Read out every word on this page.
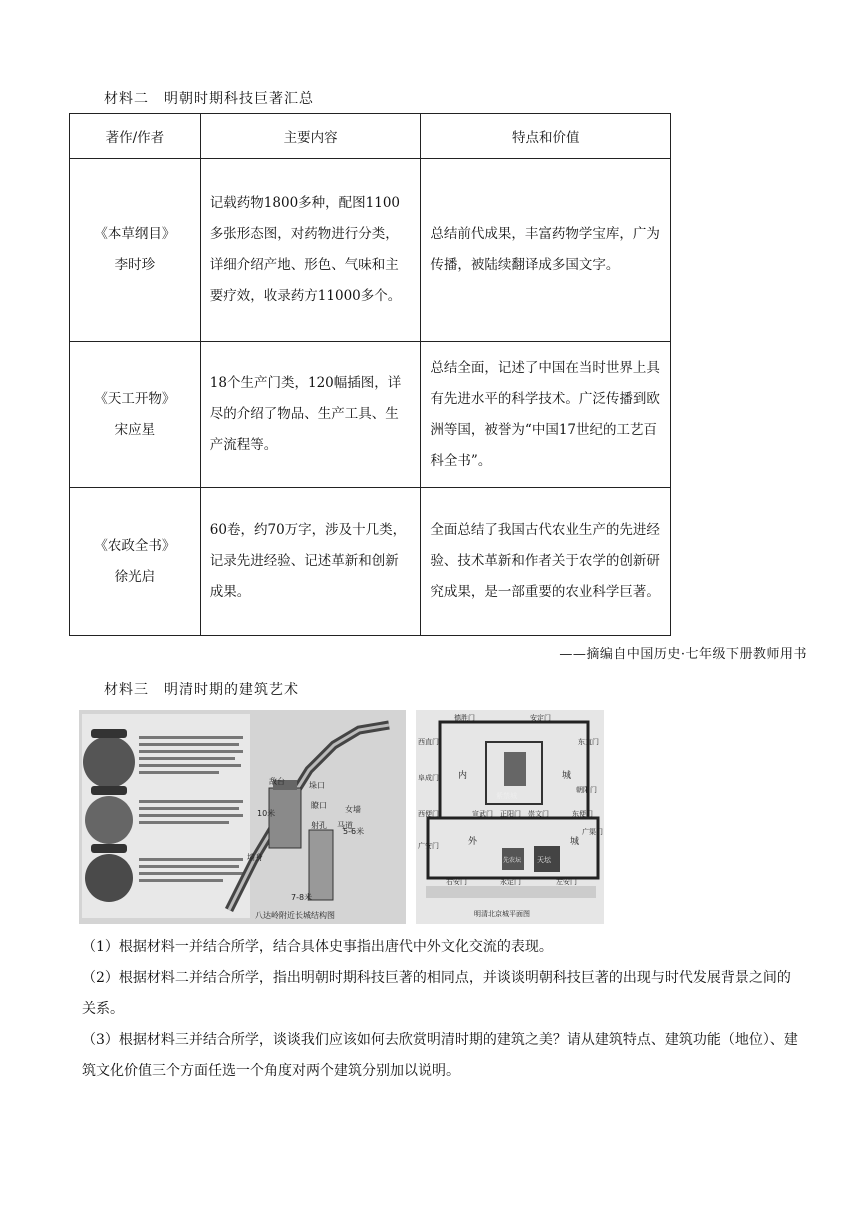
材料二　明朝时期科技巨著汇总
著作/作者	主要内容	特点和价值

《本草纲目》
李时珍	记载药物1800多种，配图1100多张形态图，对药物进行分类，详细介绍产地、形色、气味和主要疗效，收录药方11000多个。	总结前代成果，丰富药物学宝库，广为传播，被陆续翻译成多国文字。

《天工开物》
宋应星	18个生产门类，120幅插图，详尽的介绍了物品、生产工具、生产流程等。	总结全面，记述了中国在当时世界上具有先进水平的科学技术。广泛传播到欧洲等国，被誉为“中国17世纪的工艺百科全书”。

《农政全书》
徐光启	60卷，约70万字，涉及十几类，记录先进经验、记述革新和创新成果。	全面总结了我国古代农业生产的先进经验、技术革新和作者关于农学的创新研究成果，是一部重要的农业科学巨著。
——摘编自中国历史·七年级下册教师用书
材料三　明清时期的建筑艺术
敌台	垛口
瞭口
射孔 马道
女墙
墙身
10米
5-6米
7-8米
八达岭附近长城结构图
德胜门	安定门
西直门	东直门
内	城
阜成门
朝阳门
紫禁城
西便门	东便门
外	城
天坛
先农坛
广安门
广渠门
右安门	永定门	左安门
正阳门 崇文门
宣武门
明清北京城平面图
（1）根据材料一并结合所学，结合具体史事指出唐代中外文化交流的表现。
（2）根据材料二并结合所学，指出明朝时期科技巨著的相同点，并谈谈明朝科技巨著的出现与时代发展背景之间的关系。
（3）根据材料三并结合所学，谈谈我们应该如何去欣赏明清时期的建筑之美？请从建筑特点、建筑功能（地位）、建筑文化价值三个方面任选一个角度对两个建筑分别加以说明。
